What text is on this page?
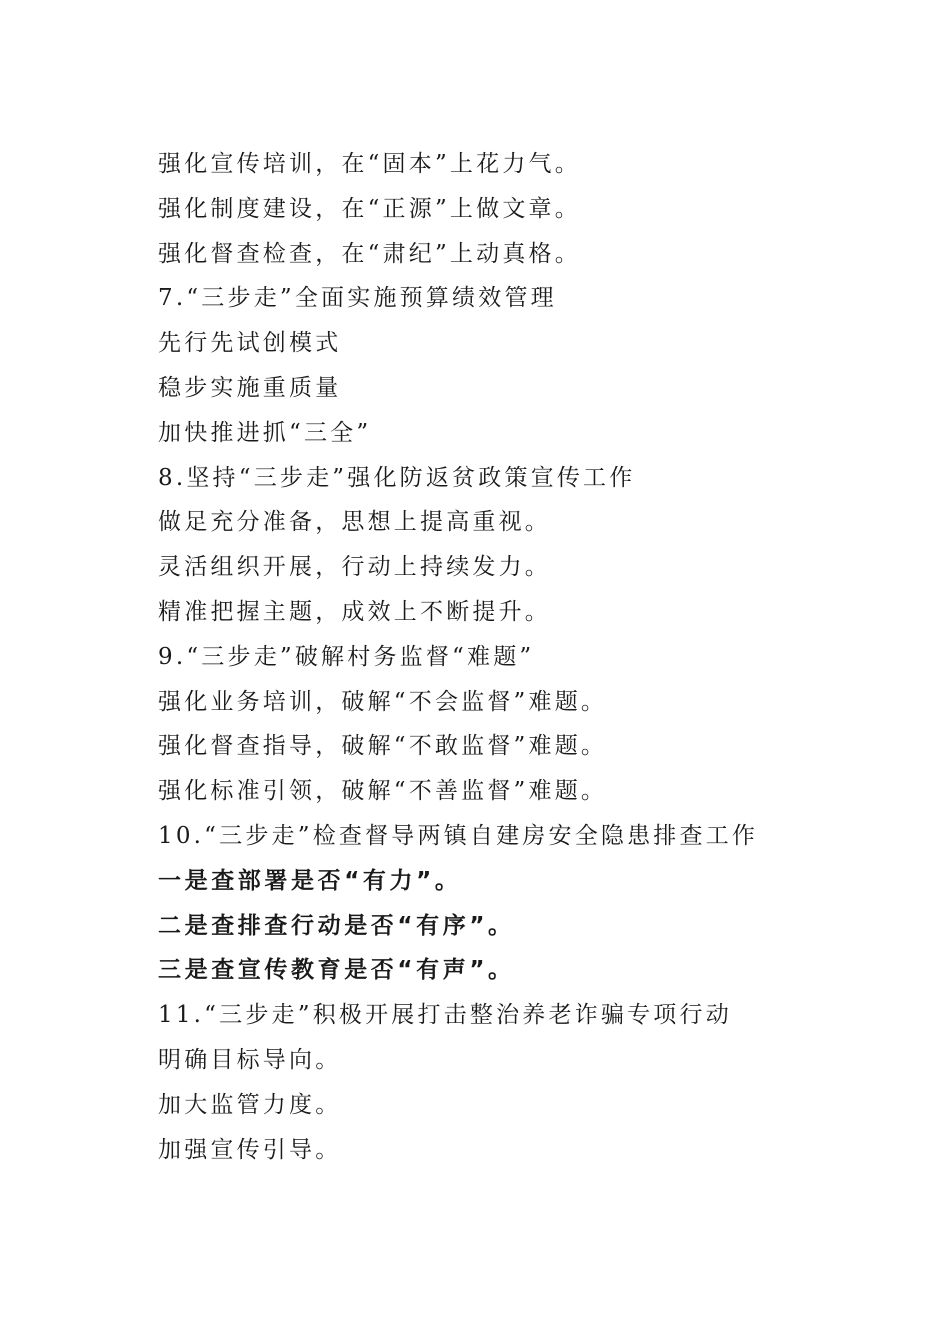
强化宣传培训，在“固本”上花力气。
强化制度建设，在“正源”上做文章。
强化督查检查，在“肃纪”上动真格。
7.“三步走”全面实施预算绩效管理
先行先试创模式
稳步实施重质量
加快推进抓“三全”
8.坚持“三步走”强化防返贫政策宣传工作
做足充分准备，思想上提高重视。
灵活组织开展，行动上持续发力。
精准把握主题，成效上不断提升。
9.“三步走”破解村务监督“难题”
强化业务培训，破解“不会监督”难题。
强化督查指导，破解“不敢监督”难题。
强化标准引领，破解“不善监督”难题。
10.“三步走”检查督导两镇自建房安全隐患排查工作
一是查部署是否“有力”。
二是查排查行动是否“有序”。
三是查宣传教育是否“有声”。
11.“三步走”积极开展打击整治养老诈骗专项行动
明确目标导向。
加大监管力度。
加强宣传引导。
